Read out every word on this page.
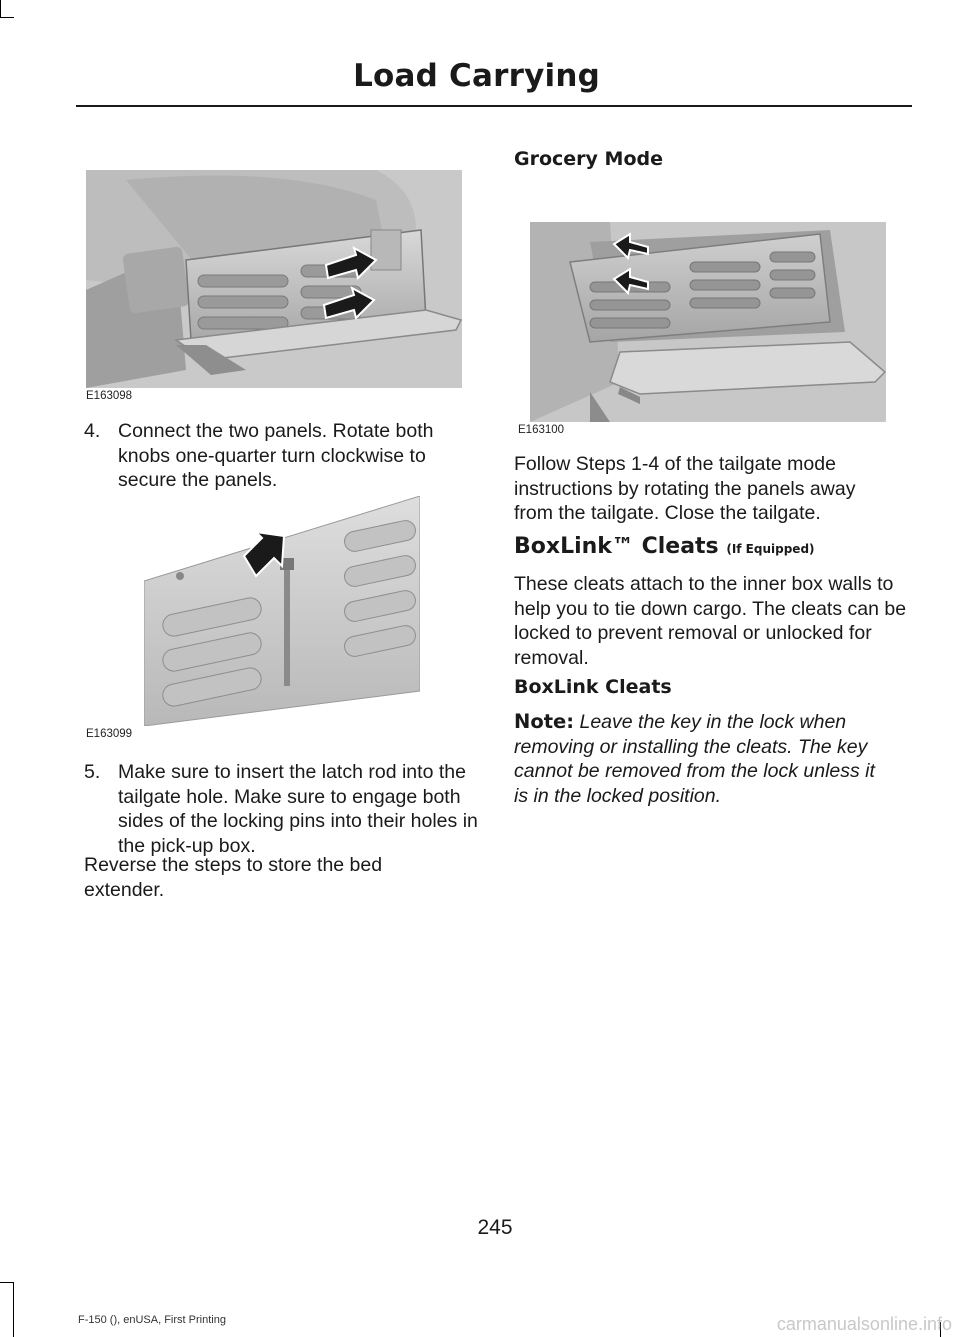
Load Carrying
E163098
4. Connect the two panels. Rotate both knobs one-quarter turn clockwise to secure the panels.
E163099
5. Make sure to insert the latch rod into the tailgate hole. Make sure to engage both sides of the locking pins into their holes in the pick-up box.
Reverse the steps to store the bed extender.
Grocery Mode
E163100
Follow Steps 1-4 of the tailgate mode instructions by rotating the panels away from the tailgate. Close the tailgate.
BoxLink™ Cleats (If Equipped)
These cleats attach to the inner box walls to help you to tie down cargo. The cleats can be locked to prevent removal or unlocked for removal.
BoxLink Cleats
Note: Leave the key in the lock when removing or installing the cleats. The key cannot be removed from the lock unless it is in the locked position.
245
F-150 (), enUSA, First Printing	carmanualsonline.info
